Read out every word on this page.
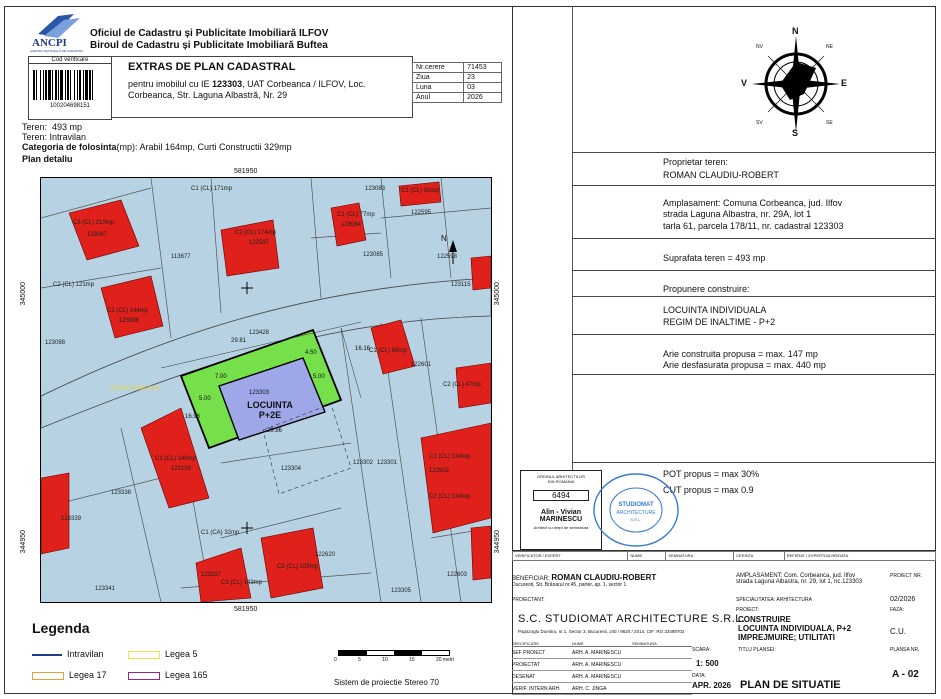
ANCPI
AGENȚIA NAȚIONALĂ DE CADASTRU
Oficiul de Cadastru și Publicitate Imobiliară ILFOV
Biroul de Cadastru și Publicitate Imobiliară Buftea
Cod verificare
100204698151
EXTRAS DE PLAN CADASTRAL
pentru imobilul cu IE 123303, UAT Corbeanca / ILFOV, Loc.
Corbeanca, Str. Laguna Albastră, Nr. 29
Nr.cerere	71453
Ziua	23
Luna	03
Anul	2026
Teren: 493 mp
Teren: Intravilan
Categoria de folosinta(mp): Arabil 164mp, Curti Constructii 329mp
Plan detaliu
581950
581950
345000
344950
345000
344950
N
DRUM COMUNAL
123303
LOCUINTA
P+2E
C1 (CL) 171mp
C3 (CL) 210mp
123067	C2 (CL) 174mp
122597
C1 (CL) 77mp
123084
C1 (CL) 92mp
122595
123083
123085
113677
C2 (CL) 121mp
C1 (CL) 144mp
123086
122598
123115
123088
123428
C1 (CL) 86mp
122601
C2 (CL) 47mp
C1 (CL) 146mp
123199	123304
123302 123301
C1 (CL) 134mp
122602
C2 (CL) 134mp
123338
123339
C1 (CA) 32mp
C2 (CL) 105mp
122620
123337
C1 (CL) 143mp
123341	123305
122603
29.81
4.50
16.16
7.00
5.00
16.96
29.86
5.00
Legenda
Intravilan	Legea 5Legea 17	Legea 165
0	5	10	15	20 metri
Sistem de proiectie Stereo 70
N
S
E
V
NE
NV
SE
SV
Proprietar teren:
ROMAN CLAUDIU-ROBERT
Amplasament: Comuna Corbeanca, jud. Ilfov
strada Laguna Albastra, nr. 29A, lot 1
tarla 61, parcela 178/11, nr. cadastral 123303
Suprafata teren = 493 mp
Propunere construire:
LOCUINTA INDIVIDUALA
REGIM DE INALTIME - P+2
Arie construita propusa = max. 147 mp
Arie desfasurata propusa = max. 440 mp
POT propus = max 30%
CUT propus = max 0.9
ORDINUL ARHITECTILOR
DIN ROMANIA
6494
Alin - Vivian
MARINESCU
Arhitect cu drept de semnatura
STUDIOMAT
ARCHITECTURE
S.R.L.
VERIFICATOR / EXPERT	NUME	SEMNATURA	CERINTA	REFERAT / EXPERTIZA NR/DATA
BENEFICIAR: ROMAN CLAUDIU-ROBERT
Ducuresti, Str. Brânarul nr.45, parter, ap. 1, sector 1
AMPLASAMENT: Com. Corbeanca, jud. Ilfov
strada Laguna Albastra, nr. 29, lot 1, nc.123303
PROIECT NR.
02/2026
PROIECTANT:	SPECIALITATEA: ARHITECTURA
S.C. STUDIOMAT ARCHITECTURE S.R.L.
Papazoglu Dumitru, nr.1, Sector 3, Bucuresti, J40 / 9620 / 2014, CIF: RO 33489702
PROIECT:
CONSTRUIRE
LOCUINTA INDIVIDUALA, P+2
IMPREJMUIRE; UTILITATI
FAZA:
C.U.
SPECIFICATIE	NUME	SEMNATURA
SEF PROIECT	ARH. A. MARINESCU
PROIECTAT	ARH. A. MARINESCU
DESENAT	ARH. A. MARINESCU
VERIF. INTERN ARH.	ARH. C. JINGA
SCARA:
1: 500
DATA:
APR. 2026
TITLU PLANSEI:
PLAN DE SITUATIE
PLANSA NR.
A - 02
